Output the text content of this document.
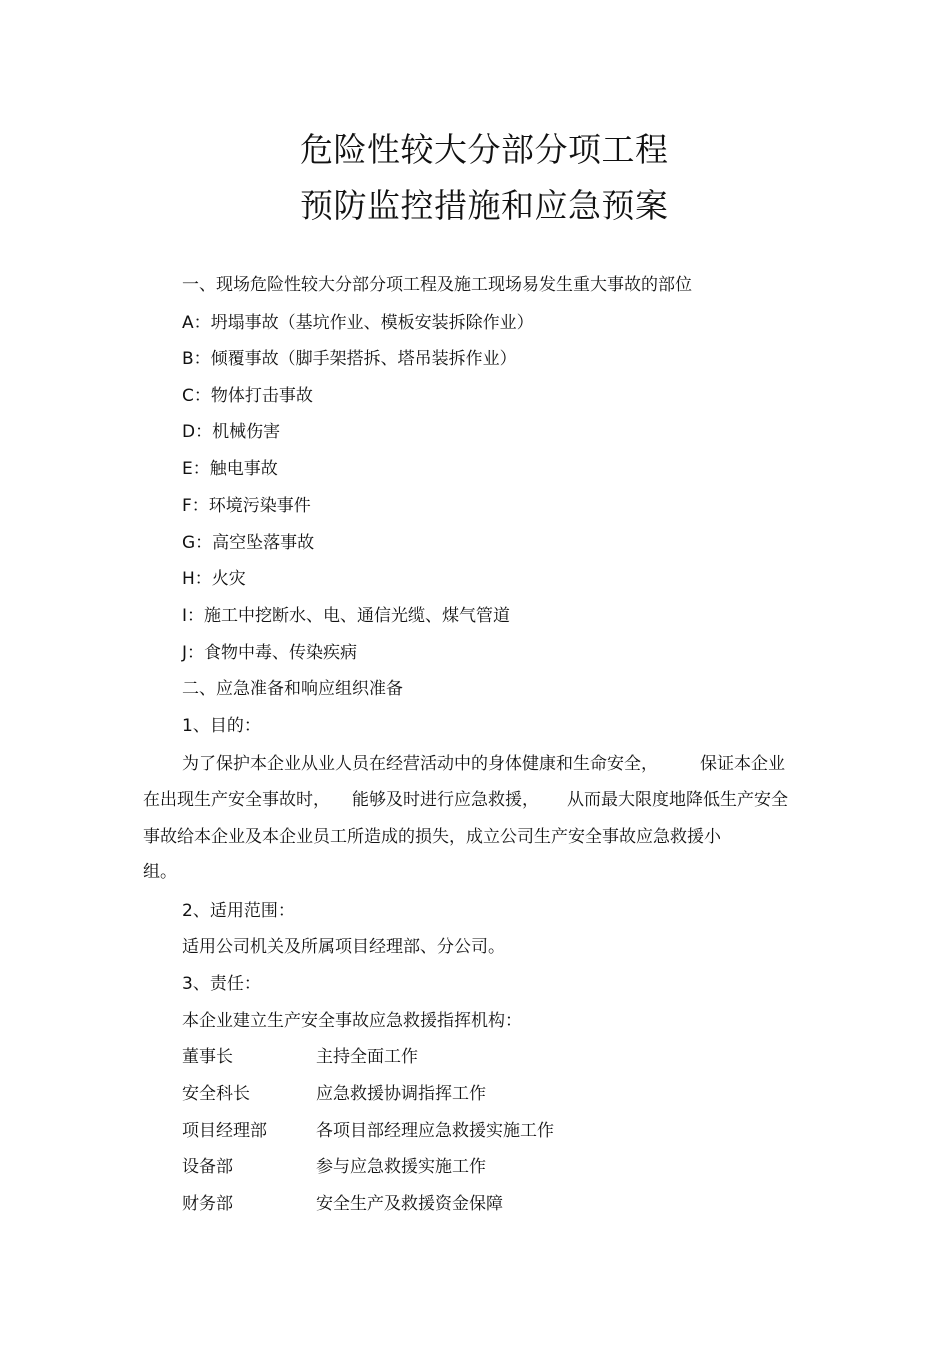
危险性较大分部分项工程
预防监控措施和应急预案
一、现场危险性较大分部分项工程及施工现场易发生重大事故的部位
A：坍塌事故（基坑作业、模板安装拆除作业）
B：倾覆事故（脚手架搭拆、塔吊装拆作业）
C：物体打击事故
D：机械伤害
E：触电事故
F：环境污染事件
G：高空坠落事故
H：火灾
I：施工中挖断水、电、通信光缆、煤气管道
J：食物中毒、传染疾病
二、应急准备和响应组织准备
1、目的：
为了保护本企业从业人员在经营活动中的身体健康和生命安全， 保证本企业
在出现生产安全事故时， 能够及时进行应急救援， 从而最大限度地降低生产安全
事故给本企业及本企业员工所造成的损失，成立公司生产安全事故应急救援小
组。
2、适用范围：
适用公司机关及所属项目经理部、分公司。
3、责任：
本企业建立生产安全事故应急救援指挥机构：
董事长	主持全面工作
安全科长	应急救援协调指挥工作
项目经理部	各项目部经理应急救援实施工作
设备部	参与应急救援实施工作
财务部	安全生产及救援资金保障
